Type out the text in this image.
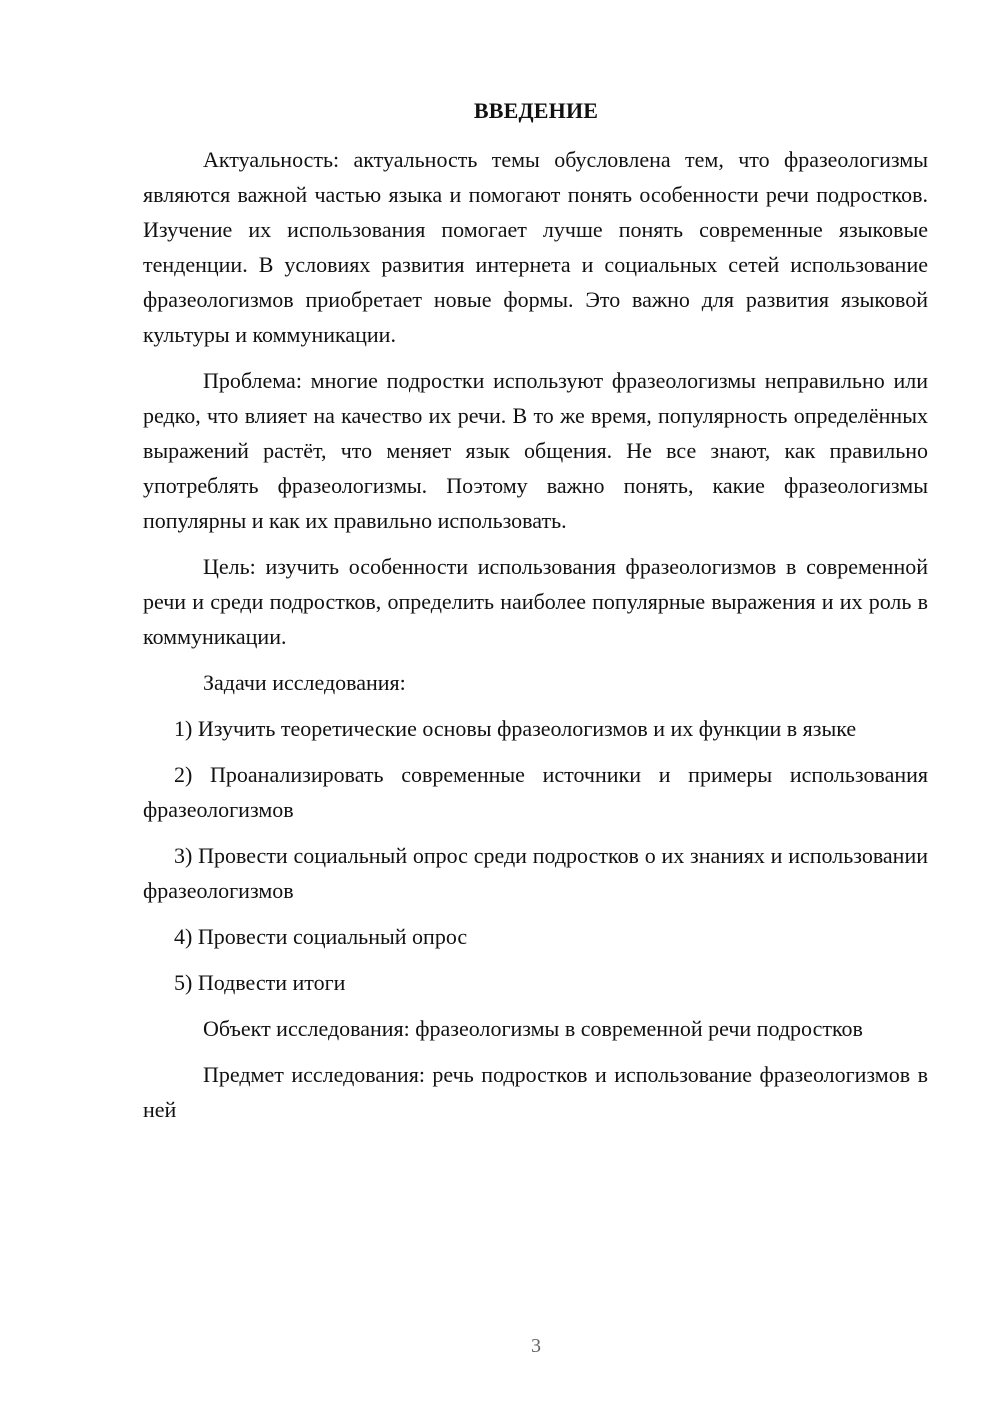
ВВЕДЕНИЕ

Актуальность: актуальность темы обусловлена тем, что фразеологизмы являются важной частью языка и помогают понять особенности речи подростков. Изучение их использования помогает лучше понять современные языковые тенденции. В условиях развития интернета и социальных сетей использование фразеологизмов приобретает новые формы. Это важно для развития языковой культуры и коммуникации.

Проблема: многие подростки используют фразеологизмы неправильно или редко, что влияет на качество их речи. В то же время, популярность определённых выражений растёт, что меняет язык общения. Не все знают, как правильно употреблять фразеологизмы. Поэтому важно понять, какие фразеологизмы популярны и как их правильно использовать.

Цель: изучить особенности использования фразеологизмов в современной речи и среди подростков, определить наиболее популярные выражения и их роль в коммуникации.

Задачи исследования:

1) Изучить теоретические основы фразеологизмов и их функции в языке

2) Проанализировать современные источники и примеры использования фразеологизмов

3) Провести социальный опрос среди подростков о их знаниях и использовании фразеологизмов

4) Провести социальный опрос

5) Подвести итоги

Объект исследования: фразеологизмы в современной речи подростков

Предмет исследования: речь подростков и использование фразеологизмов в ней

3
